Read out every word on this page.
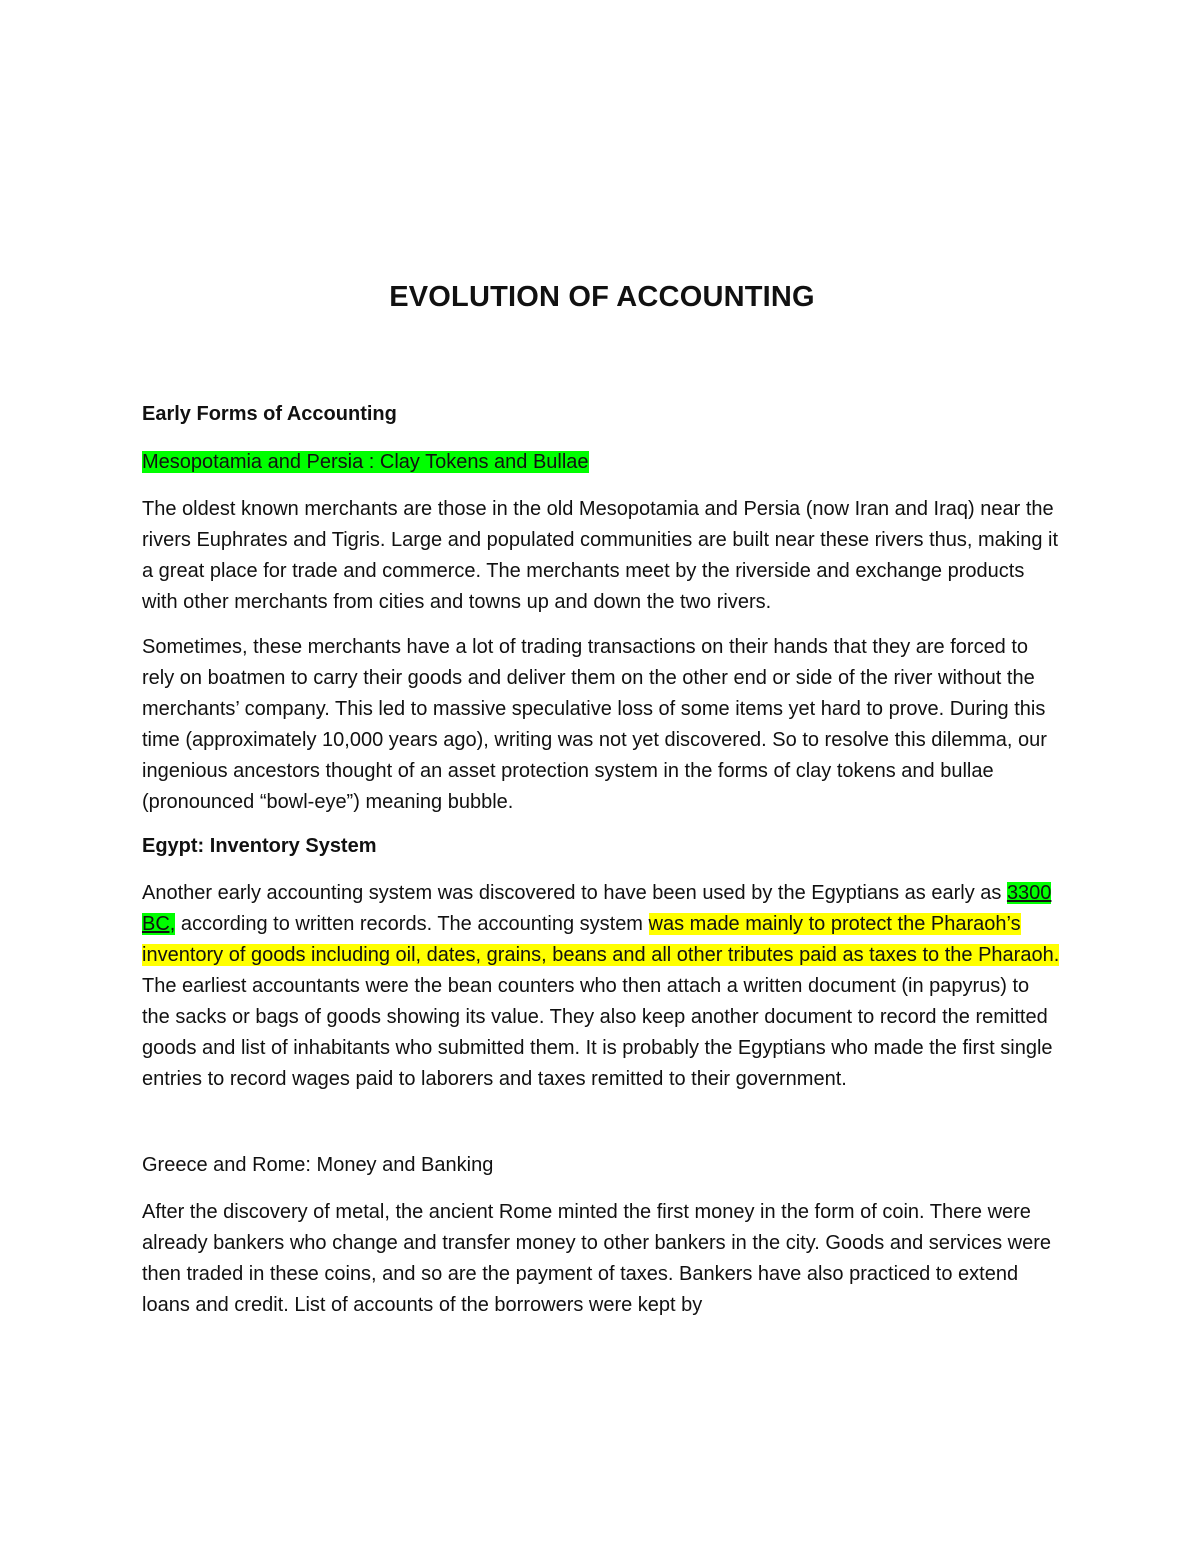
EVOLUTION OF ACCOUNTING
Early Forms of Accounting
Mesopotamia and Persia : Clay Tokens and Bullae

The oldest known merchants are those in the old Mesopotamia and Persia (now Iran and Iraq) near the rivers Euphrates and Tigris. Large and populated communities are built near these rivers thus, making it a great place for trade and commerce. The merchants meet by the riverside and exchange products with other merchants from cities and towns up and down the two rivers.

Sometimes, these merchants have a lot of trading transactions on their hands that they are forced to rely on boatmen to carry their goods and deliver them on the other end or side of the river without the merchants’ company. This led to massive speculative loss of some items yet hard to prove. During this time (approximately 10,000 years ago), writing was not yet discovered. So to resolve this dilemma, our ingenious ancestors thought of an asset protection system in the forms of clay tokens and bullae (pronounced “bowl-eye”) meaning bubble.

Egypt: Inventory System

Another early accounting system was discovered to have been used by the Egyptians as early as 3300 BC, according to written records. The accounting system was made mainly to protect the Pharaoh’s inventory of goods including oil, dates, grains, beans and all other tributes paid as taxes to the Pharaoh. The earliest accountants were the bean counters who then attach a written document (in papyrus) to the sacks or bags of goods showing its value. They also keep another document to record the remitted goods and list of inhabitants who submitted them. It is probably the Egyptians who made the first single entries to record wages paid to laborers and taxes remitted to their government.

Greece and Rome: Money and Banking

After the discovery of metal, the ancient Rome minted the first money in the form of coin. There were already bankers who change and transfer money to other bankers in the city. Goods and services were then traded in these coins, and so are the payment of taxes. Bankers have also practiced to extend loans and credit. List of accounts of the borrowers were kept by
